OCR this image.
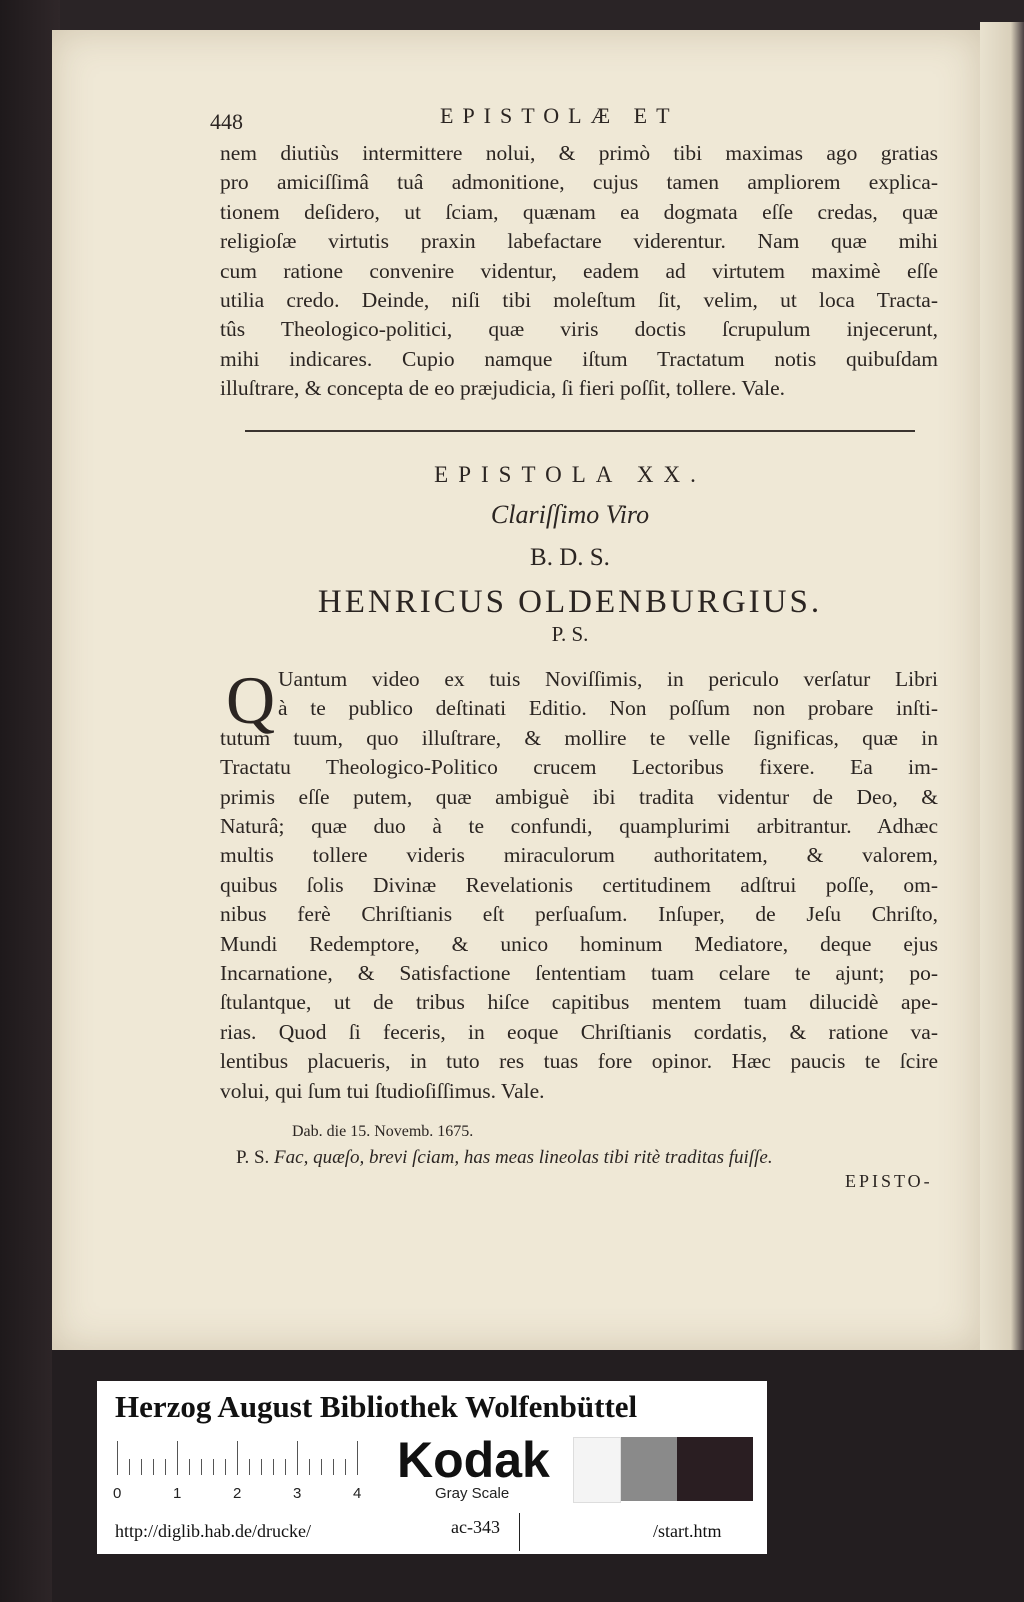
448	EPISTOLÆ ET
nem diutiùs intermittere nolui, & primò tibi maximas ago gratias
pro amiciſſimâ tuâ admonitione, cujus tamen ampliorem explica-
tionem deſidero, ut ſciam, quænam ea dogmata eſſe credas, quæ
religioſæ virtutis praxin labefactare viderentur. Nam quæ mihi
cum ratione convenire videntur, eadem ad virtutem maximè eſſe
utilia credo. Deinde, niſi tibi moleſtum ſit, velim, ut loca Tracta-
tûs Theologico-politici, quæ viris doctis ſcrupulum injecerunt,
mihi indicares. Cupio namque iſtum Tractatum notis quibuſdam
illuſtrare, & concepta de eo præjudicia, ſi fieri poſſit, tollere. Vale.
EPISTOLA XX.
Clariſſimo Viro
B. D. S.
HENRICUS OLDENBURGIUS.
P. S.
Q Uantum video ex tuis Noviſſimis, in periculo verſatur Libri
à te publico deſtinati Editio. Non poſſum non probare inſti-
tutum tuum, quo illuſtrare, & mollire te velle ſignificas, quæ in
Tractatu Theologico-Politico crucem Lectoribus fixere. Ea im-
primis eſſe putem, quæ ambiguè ibi tradita videntur de Deo, &
Naturâ; quæ duo à te confundi, quamplurimi arbitrantur. Adhæc
multis tollere videris miraculorum authoritatem, & valorem,
quibus ſolis Divinæ Revelationis certitudinem adſtrui poſſe, om-
nibus ferè Chriſtianis eſt perſuaſum. Inſuper, de Jeſu Chriſto,
Mundi Redemptore, & unico hominum Mediatore, deque ejus
Incarnatione, & Satisfactione ſententiam tuam celare te ajunt; po-
ſtulantque, ut de tribus hiſce capitibus mentem tuam dilucidè ape-
rias. Quod ſi feceris, in eoque Chriſtianis cordatis, & ratione va-
lentibus placueris, in tuto res tuas fore opinor. Hæc paucis te ſcire
volui, qui ſum tui ſtudioſiſſimus. Vale.
Dab. die 15. Novemb. 1675.
P. S. Fac, quæſo, brevi ſciam, has meas lineolas tibi ritè traditas fuiſſe.
EPISTO-
Herzog August Bibliothek Wolfenbüttel
0	1	2	3	4
Kodak
Gray Scale
http://diglib.hab.de/drucke/	ac-343	/start.htm
